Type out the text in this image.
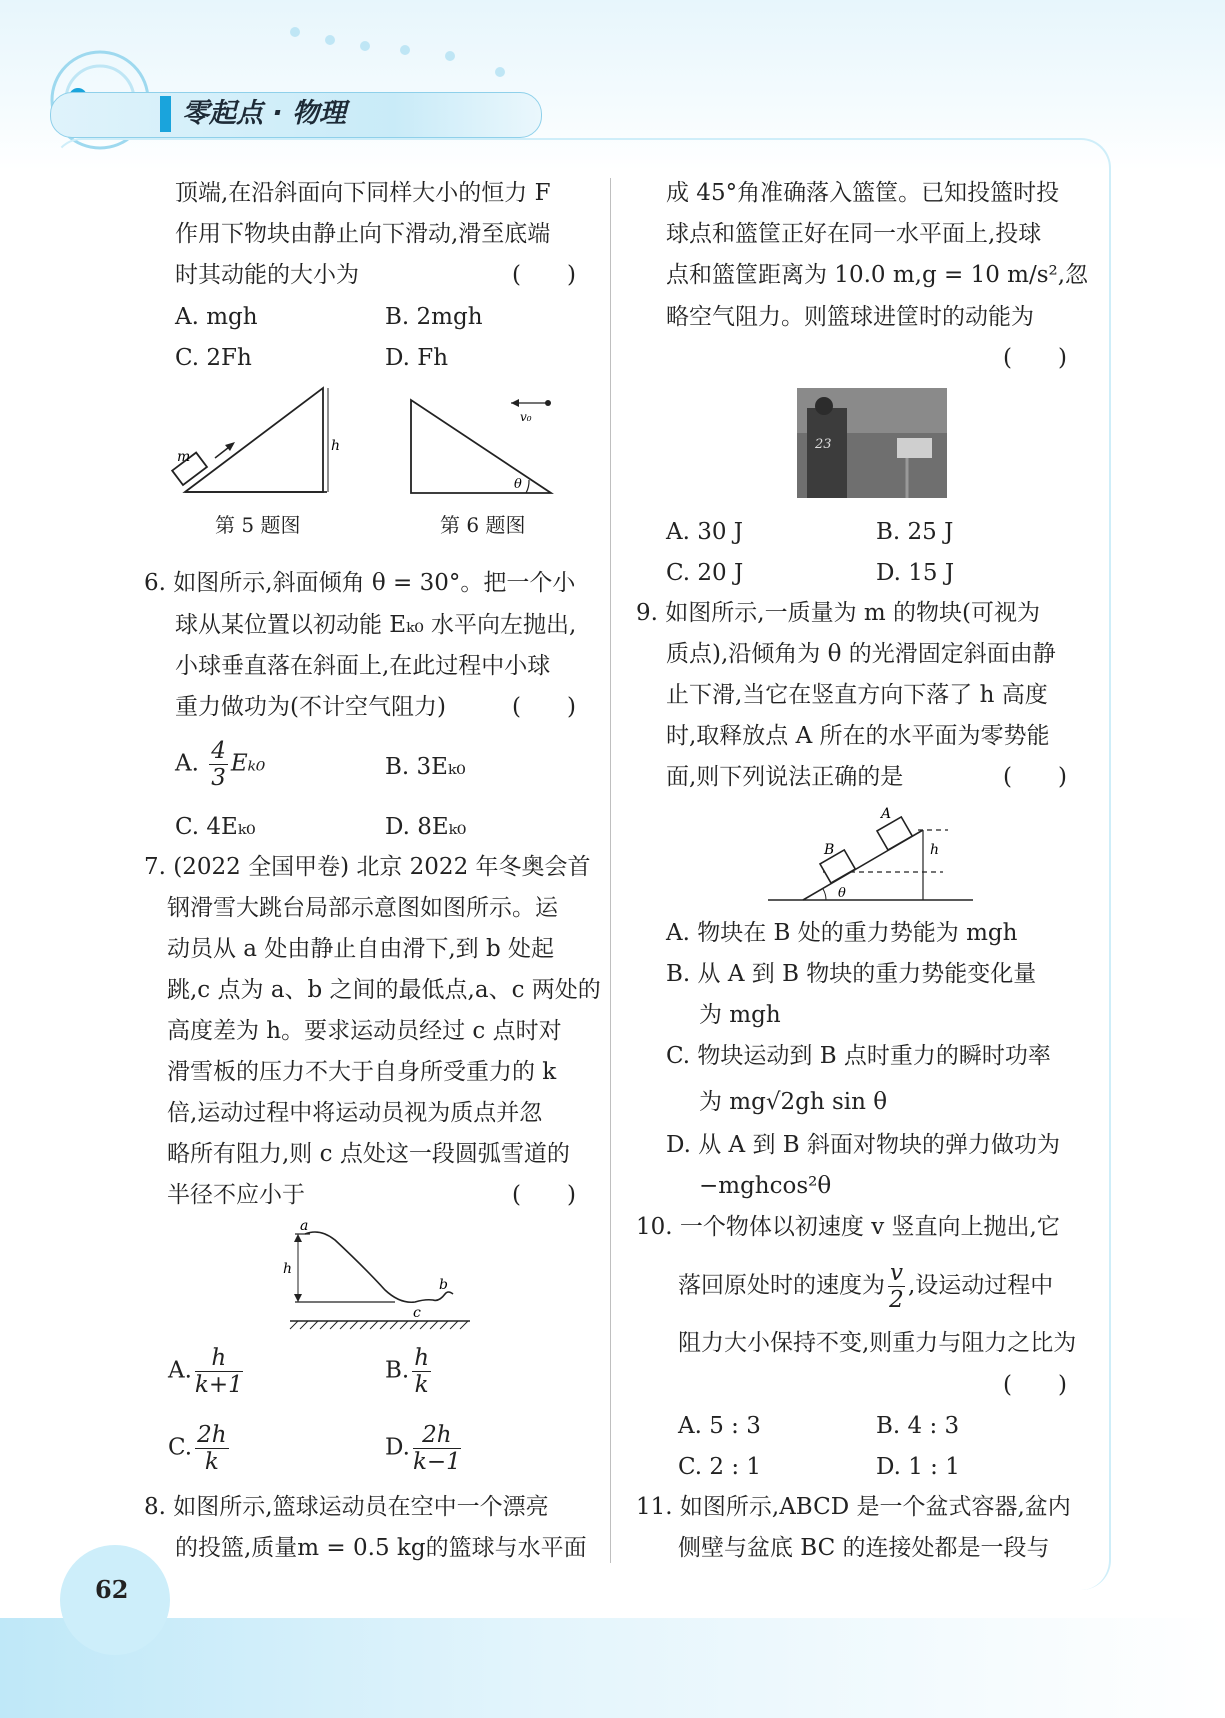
零起点 · 物理
顶端,在沿斜面向下同样大小的恒力 F
作用下物块由静止向下滑动,滑至底端
时其动能的大小为	(　　)
A. mgh	B. 2mgh
C. 2Fh	D. Fh
m
h
v₀
θ
第 5 题图	第 6 题图
6. 如图所示,斜面倾角 θ = 30°。把一个小
球从某位置以初动能 Eₖ₀ 水平向左抛出,
小球垂直落在斜面上,在此过程中小球
重力做功为(不计空气阻力)	(　　)
A. $\frac{4}{3} E_{k0}$	B. 3Eₖ₀
C. 4Eₖ₀	D. 8Eₖ₀
7. (2022 全国甲卷) 北京 2022 年冬奥会首
钢滑雪大跳台局部示意图如图所示。运
动员从 a 处由静止自由滑下,到 b 处起
跳,c 点为 a、b 之间的最低点,a、c 两处的
高度差为 h。要求运动员经过 c 点时对
滑雪板的压力不大于自身所受重力的 k
倍,运动过程中将运动员视为质点并忽
略所有阻力,则 c 点处这一段圆弧雪道的
半径不应小于	(　　)
a
h
c
b
A. $\frac{h}{k+1}$	B. $\frac{h}{k}$
C. $\frac{2h}{k}$	D. $\frac{2h}{k-1}$
8. 如图所示,篮球运动员在空中一个漂亮
的投篮,质量m = 0.5 kg的篮球与水平面
成 45°角准确落入篮筐。已知投篮时投
球点和篮筐正好在同一水平面上,投球
点和篮筐距离为 10.0 m,g = 10 m/s²,忽
略空气阻力。则篮球进筐时的动能为
(　　)
23
A. 30 J	B. 25 J
C. 20 J	D. 15 J
9. 如图所示,一质量为 m 的物块(可视为
质点),沿倾角为 θ 的光滑固定斜面由静
止下滑,当它在竖直方向下落了 h 高度
时,取释放点 A 所在的水平面为零势能
面,则下列说法正确的是	(　　)
A
B	h
θ
A. 物块在 B 处的重力势能为 mgh
B. 从 A 到 B 物块的重力势能变化量
为 mgh
C. 物块运动到 B 点时重力的瞬时功率
为 mg√2gh sin θ
D. 从 A 到 B 斜面对物块的弹力做功为
−mghcos²θ
10. 一个物体以初速度 v 竖直向上抛出,它
落回原处时的速度为 $\frac{v}{2}$ ,设运动过程中
阻力大小保持不变,则重力与阻力之比为
(　　)
A. 5 : 3	B. 4 : 3
C. 2 : 1	D. 1 : 1
11. 如图所示,ABCD 是一个盆式容器,盆内
侧壁与盆底 BC 的连接处都是一段与
62
